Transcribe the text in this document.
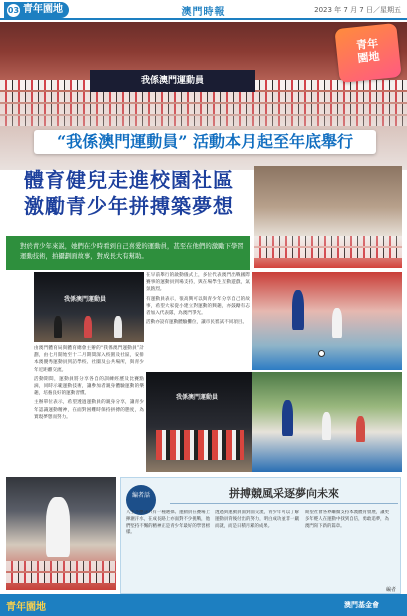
03 青年園地	澳門時報	2023 年 7 月 7 日／星期五
我係澳門運動員
青年
園地
“我係澳門運動員” 活動本月起至年底舉行
體育健兒走進校園社區
激勵青少年拼搏築夢想
對於青少年來説，她們在少時看到自己喜愛的運動員，甚至在他們的激勵下學習運動技術，拍攝劃面故事，對成長大有幫助。
我係澳門運動員

在早前舉行的啟動儀式上，多位代表澳門出戰國際賽事的運動員到場支持，與在場學生互動遊戲，氣氛熱烈。

有運動員表示，很高興可以與青少年分享自己的故事，希望大家從小建立對運動的興趣，亦鼓勵有志者加入代表隊，為澳門爭光。

活動亦設有運動體驗攤位，讓市民嘗試不同項目。

由澳門體育局與體育總會主辦的“我係澳門運動員”計劃，由七月開始至十二月期間深入校園及社區，安排本澳優秀運動員到訪學校、社團及公共場所，與青少年近距離交流。

活動期間，運動員將分享各自的訓練經歷及比賽點滴，同時示範運動技術，讓參加者親身體驗運動的樂趣，培養良好的運動習慣。

主辦單位表示，希望透過運動員的親身分享，讓青少年認識運動精神，在面對困難時保持拼搏的態度，為實現夢想而努力。

我係澳門運動員
編者話	拼搏競風采逐夢向未來
人生不應該只有一種選擇。運動員在賽場上揮灑汗水，在成長路上亦面對不少挑戰，他們堅持不懈的精神正是青少年最好的學習榜樣。
透過與運動員面對面交流，青少年可以了解運動員背後付出的努力，明白成功並非一蹴而就，而是日積月累的成果。
期望社會各界繼續支持本澳體育發展，讓更多年輕人在運動中找到自信，勇敢追夢，為澳門寫下新的篇章。
編者
青年園地	澳門基金會
